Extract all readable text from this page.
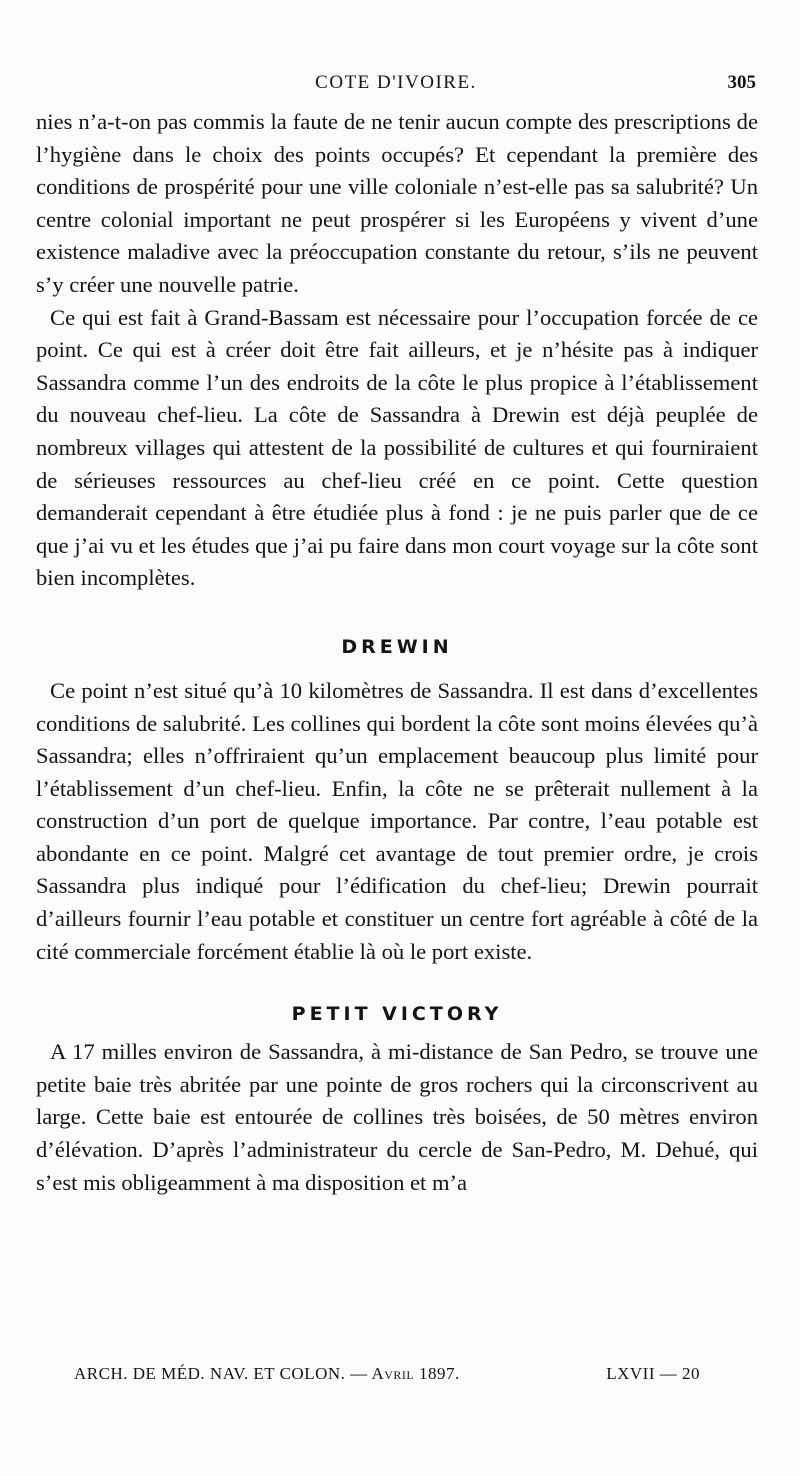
COTE D'IVOIRE.	305

nies n’a-t-on pas commis la faute de ne tenir aucun compte des prescriptions de l’hygiène dans le choix des points occupés? Et cependant la première des conditions de prospérité pour une ville coloniale n’est-elle pas sa salubrité? Un centre colonial important ne peut prospérer si les Européens y vivent d’une existence maladive avec la préoccupation constante du retour, s’ils ne peuvent s’y créer une nouvelle patrie.

Ce qui est fait à Grand-Bassam est nécessaire pour l’occupation forcée de ce point. Ce qui est à créer doit être fait ailleurs, et je n’hésite pas à indiquer Sassandra comme l’un des endroits de la côte le plus propice à l’établissement du nouveau chef-lieu. La côte de Sassandra à Drewin est déjà peuplée de nombreux villages qui attestent de la possibilité de cultures et qui fourniraient de sérieuses ressources au chef-lieu créé en ce point. Cette question demanderait cependant à être étudiée plus à fond : je ne puis parler que de ce que j’ai vu et les études que j’ai pu faire dans mon court voyage sur la côte sont bien incomplètes.

DREWIN

Ce point n’est situé qu’à 10 kilomètres de Sassandra. Il est dans d’excellentes conditions de salubrité. Les collines qui bordent la côte sont moins élevées qu’à Sassandra; elles n’offriraient qu’un emplacement beaucoup plus limité pour l’établissement d’un chef-lieu. Enfin, la côte ne se prêterait nullement à la construction d’un port de quelque importance. Par contre, l’eau potable est abondante en ce point. Malgré cet avantage de tout premier ordre, je crois Sassandra plus indiqué pour l’édification du chef-lieu; Drewin pourrait d’ailleurs fournir l’eau potable et constituer un centre fort agréable à côté de la cité commerciale forcément établie là où le port existe.

PETIT VICTORY

A 17 milles environ de Sassandra, à mi-distance de San Pedro, se trouve une petite baie très abritée par une pointe de gros rochers qui la circonscrivent au large. Cette baie est entourée de collines très boisées, de 50 mètres environ d’élévation. D’après l’administrateur du cercle de San-Pedro, M. Dehué, qui s’est mis obligeamment à ma disposition et m’a

ARCH. DE MÉD. NAV. ET COLON. — Avril 1897.	LXVII — 20
